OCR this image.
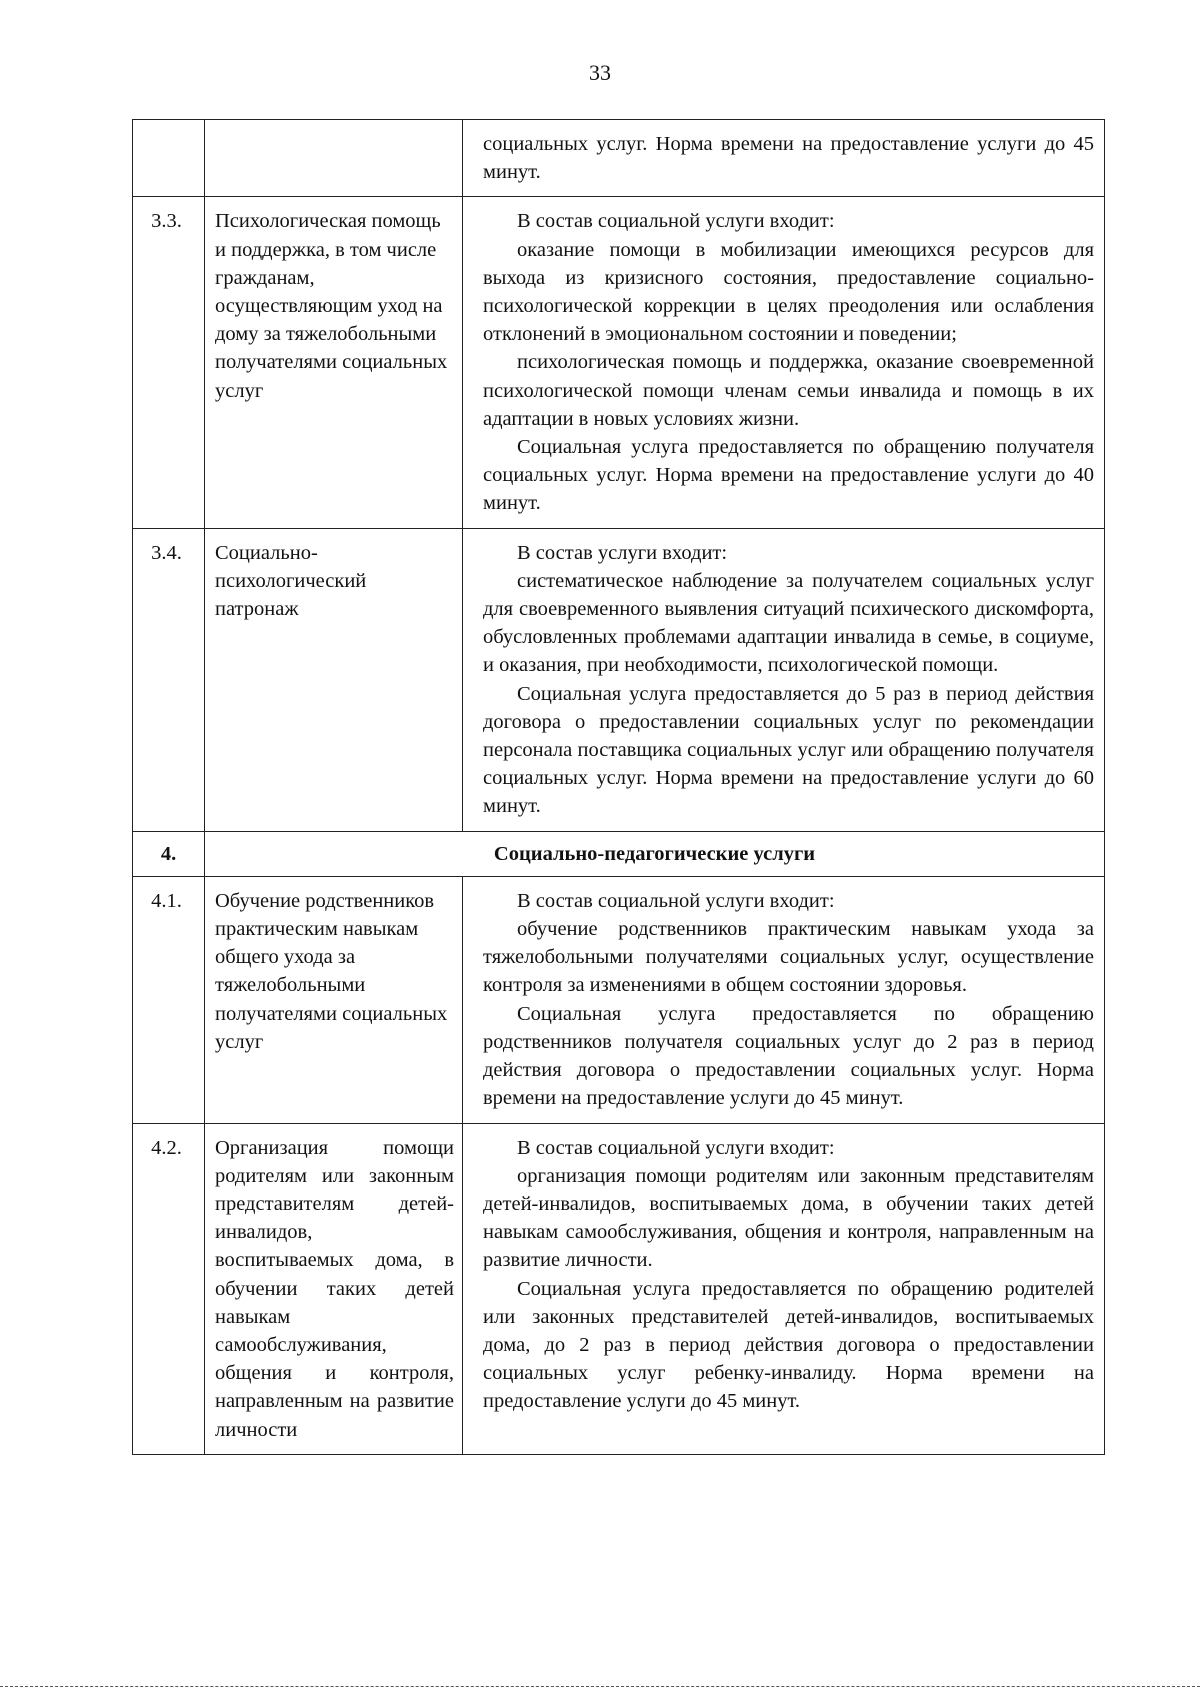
33

		социальных услуг. Норма времени на предоставление услуги до 45 минут.

3.3.	Психологическая помощь и поддержка, в том числе гражданам, осуществляющим уход на дому за тяжелобольными получателями социальных услуг	В состав социальной услуги входит:

оказание помощи в мобилизации имеющихся ресурсов для выхода из кризисного состояния, предоставление социально-психологической коррекции в целях преодоления или ослабления отклонений в эмоциональном состоянии и поведении;

психологическая помощь и поддержка, оказание своевременной психологической помощи членам семьи инвалида и помощь в их адаптации в новых условиях жизни.

Социальная услуга предоставляется по обращению получателя социальных услуг. Норма времени на предоставление услуги до 40 минут.

3.4.	Социально-психологический патронаж	В состав услуги входит:

систематическое наблюдение за получателем социальных услуг для своевременного выявления ситуаций психического дискомфорта, обусловленных проблемами адаптации инвалида в семье, в социуме, и оказания, при необходимости, психологической помощи.

Социальная услуга предоставляется до 5 раз в период действия договора о предоставлении социальных услуг по рекомендации персонала поставщика социальных услуг или обращению получателя социальных услуг. Норма времени на предоставление услуги до 60 минут.

4.	Социально-педагогические услуги	
4.1.	Обучение родственников практическим навыкам общего ухода за тяжелобольными получателями социальных услуг	В состав социальной услуги входит:

обучение родственников практическим навыкам ухода за тяжелобольными получателями социальных услуг, осуществление контроля за изменениями в общем состоянии здоровья.

Социальная услуга предоставляется по обращению родственников получателя социальных услуг до 2 раз в период действия договора о предоставлении социальных услуг. Норма времени на предоставление услуги до 45 минут.

4.2.	Организация помощи родителям или законным представителям детей-инвалидов, воспитываемых дома, в обучении таких детей навыкам самообслуживания, общения и контроля, направленным на развитие личности	В состав социальной услуги входит:

организация помощи родителям или законным представителям детей-инвалидов, воспитываемых дома, в обучении таких детей навыкам самообслуживания, общения и контроля, направленным на развитие личности.

Социальная услуга предоставляется по обращению родителей или законных представителей детей-инвалидов, воспитываемых дома, до 2 раз в период действия договора о предоставлении социальных услуг ребенку-инвалиду. Норма времени на предоставление услуги до 45 минут.
